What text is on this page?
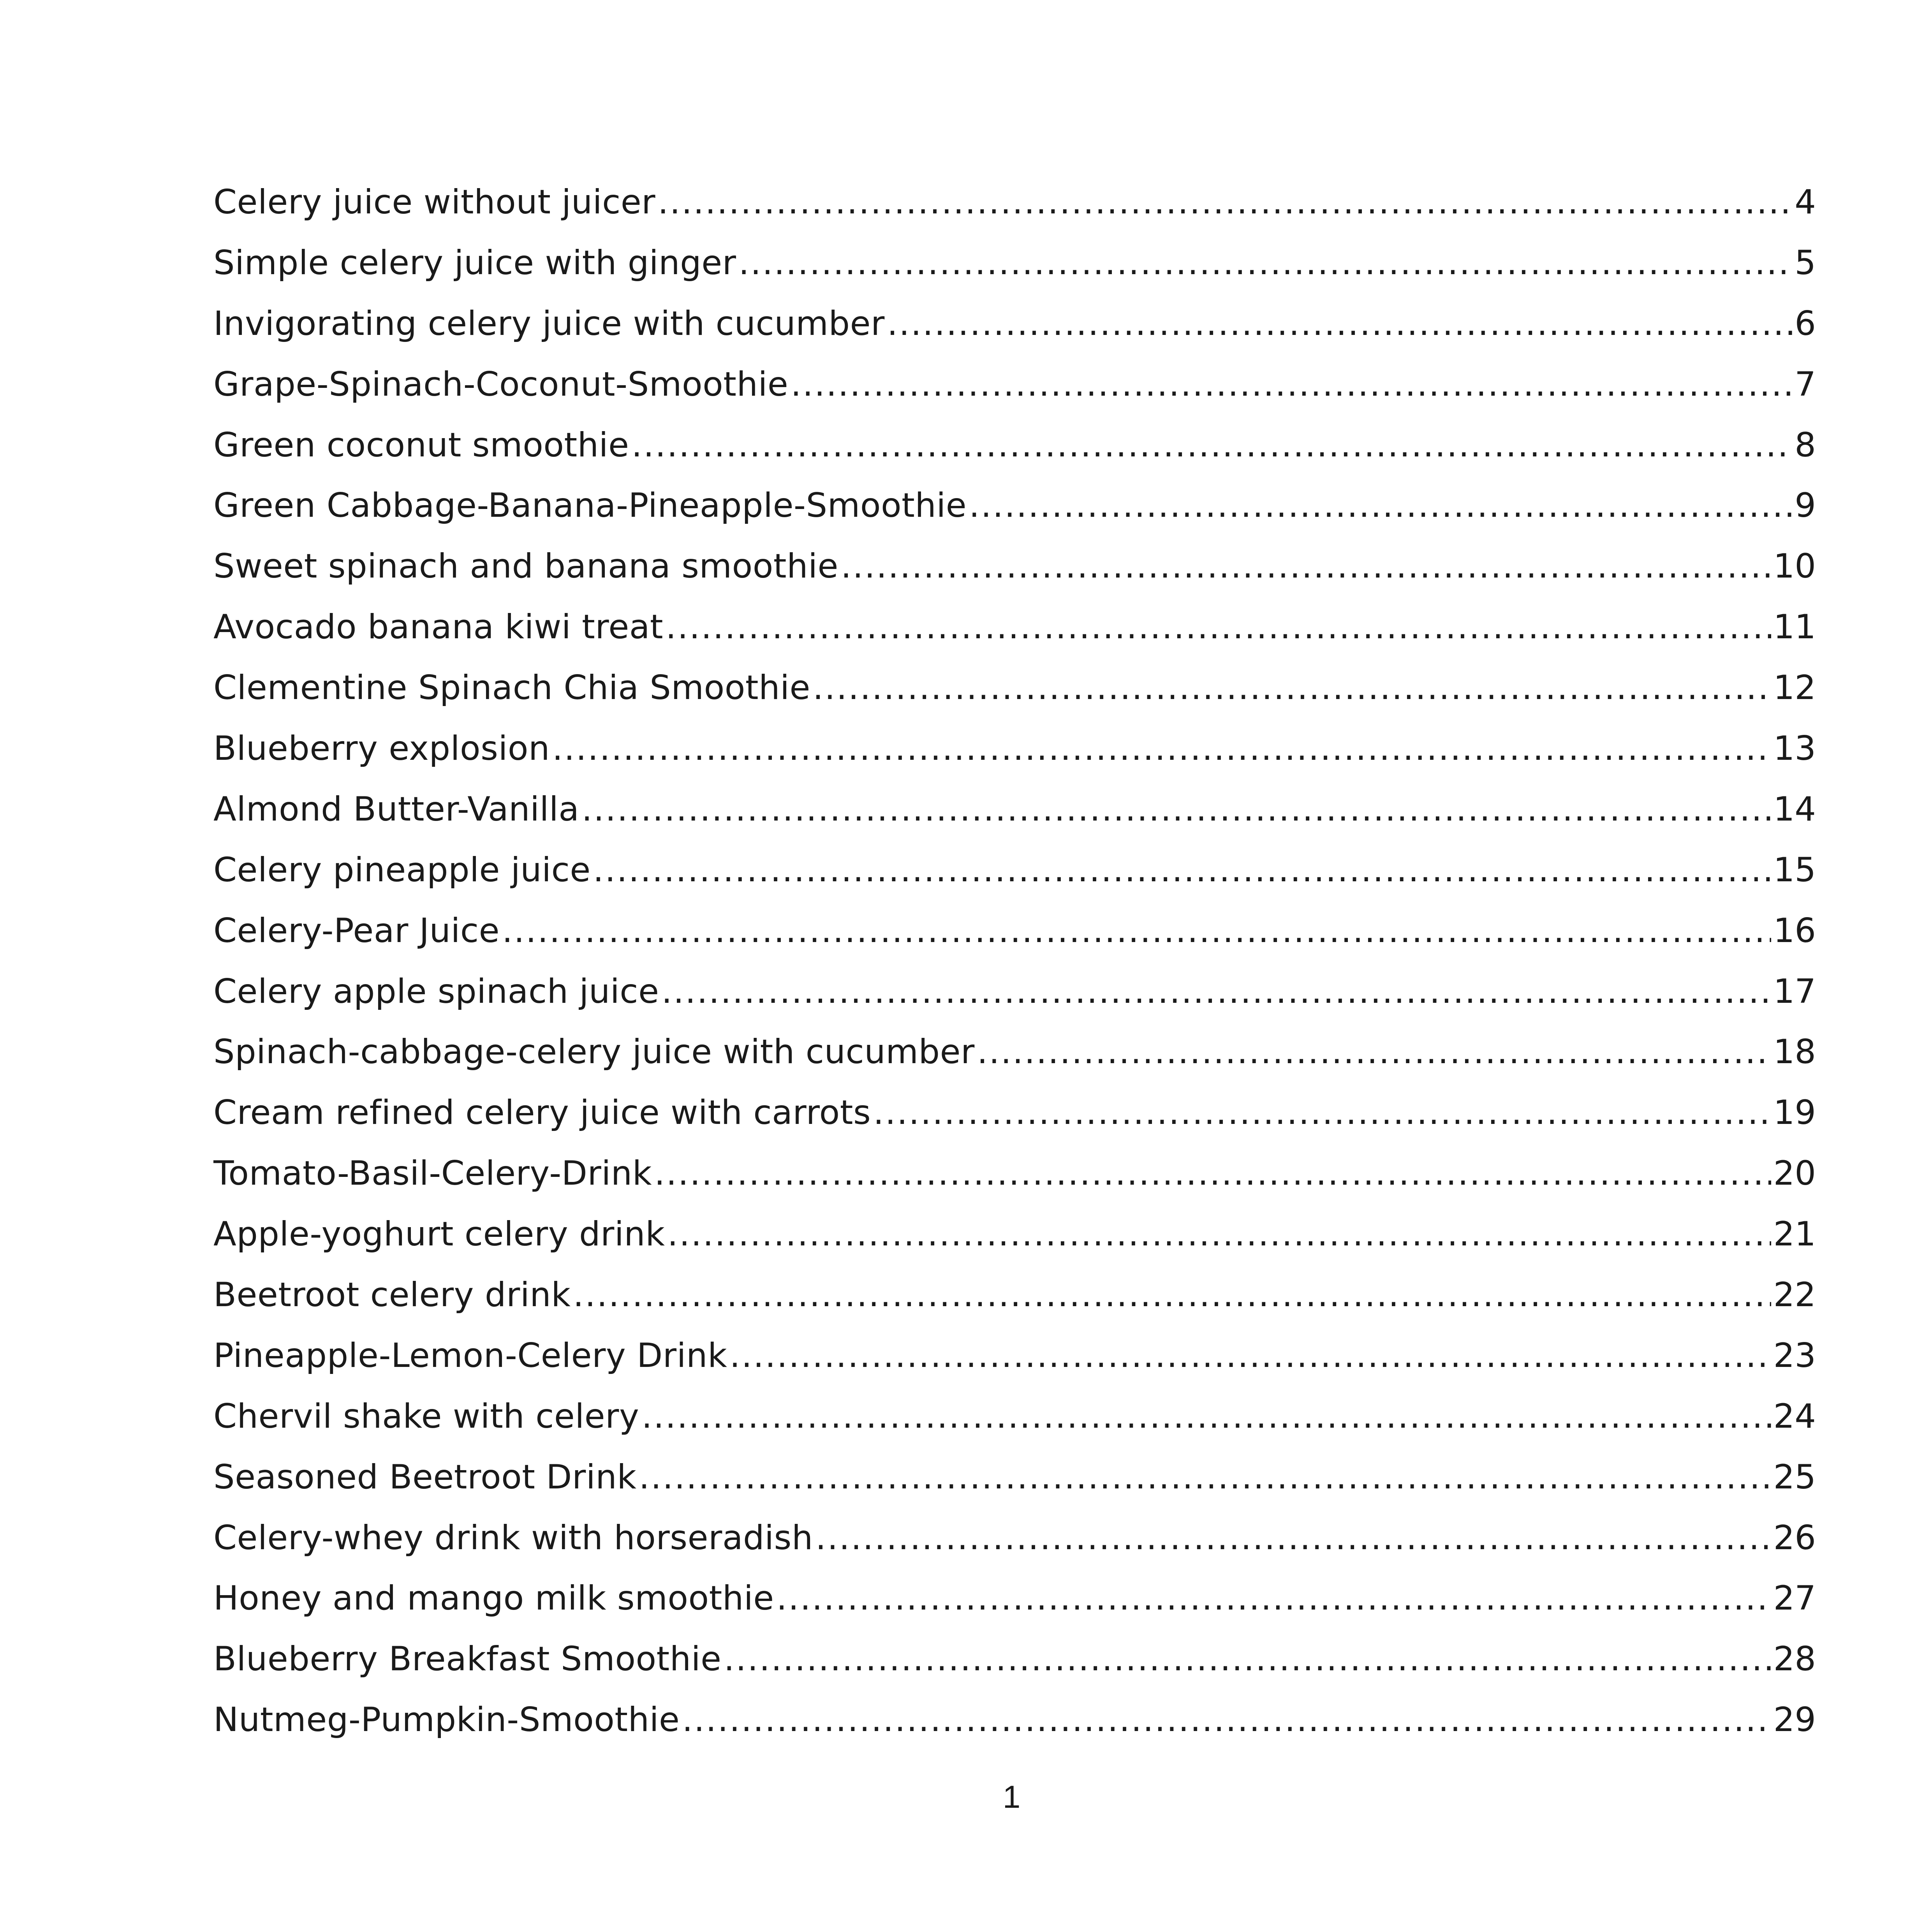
Celery juice without juicer .....	4
Simple celery juice with ginger .....	5
Invigorating celery juice with cucumber .....	6
Grape-Spinach-Coconut-Smoothie .....	7
Green coconut smoothie .....	8
Green Cabbage-Banana-Pineapple-Smoothie .....	9
Sweet spinach and banana smoothie .....	10
Avocado banana kiwi treat .....	11
Clementine Spinach Chia Smoothie .....	12
Blueberry explosion .....	13
Almond Butter-Vanilla .....	14
Celery pineapple juice .....	15
Celery-Pear Juice .....	16
Celery apple spinach juice .....	17
Spinach-cabbage-celery juice with cucumber .....	18
Cream refined celery juice with carrots .....	19
Tomato-Basil-Celery-Drink .....	20
Apple-yoghurt celery drink .....	21
Beetroot celery drink .....	22
Pineapple-Lemon-Celery Drink .....	23
Chervil shake with celery .....	24
Seasoned Beetroot Drink .....	25
Celery-whey drink with horseradish .....	26
Honey and mango milk smoothie .....	27
Blueberry Breakfast Smoothie .....	28
Nutmeg-Pumpkin-Smoothie .....	29
1
